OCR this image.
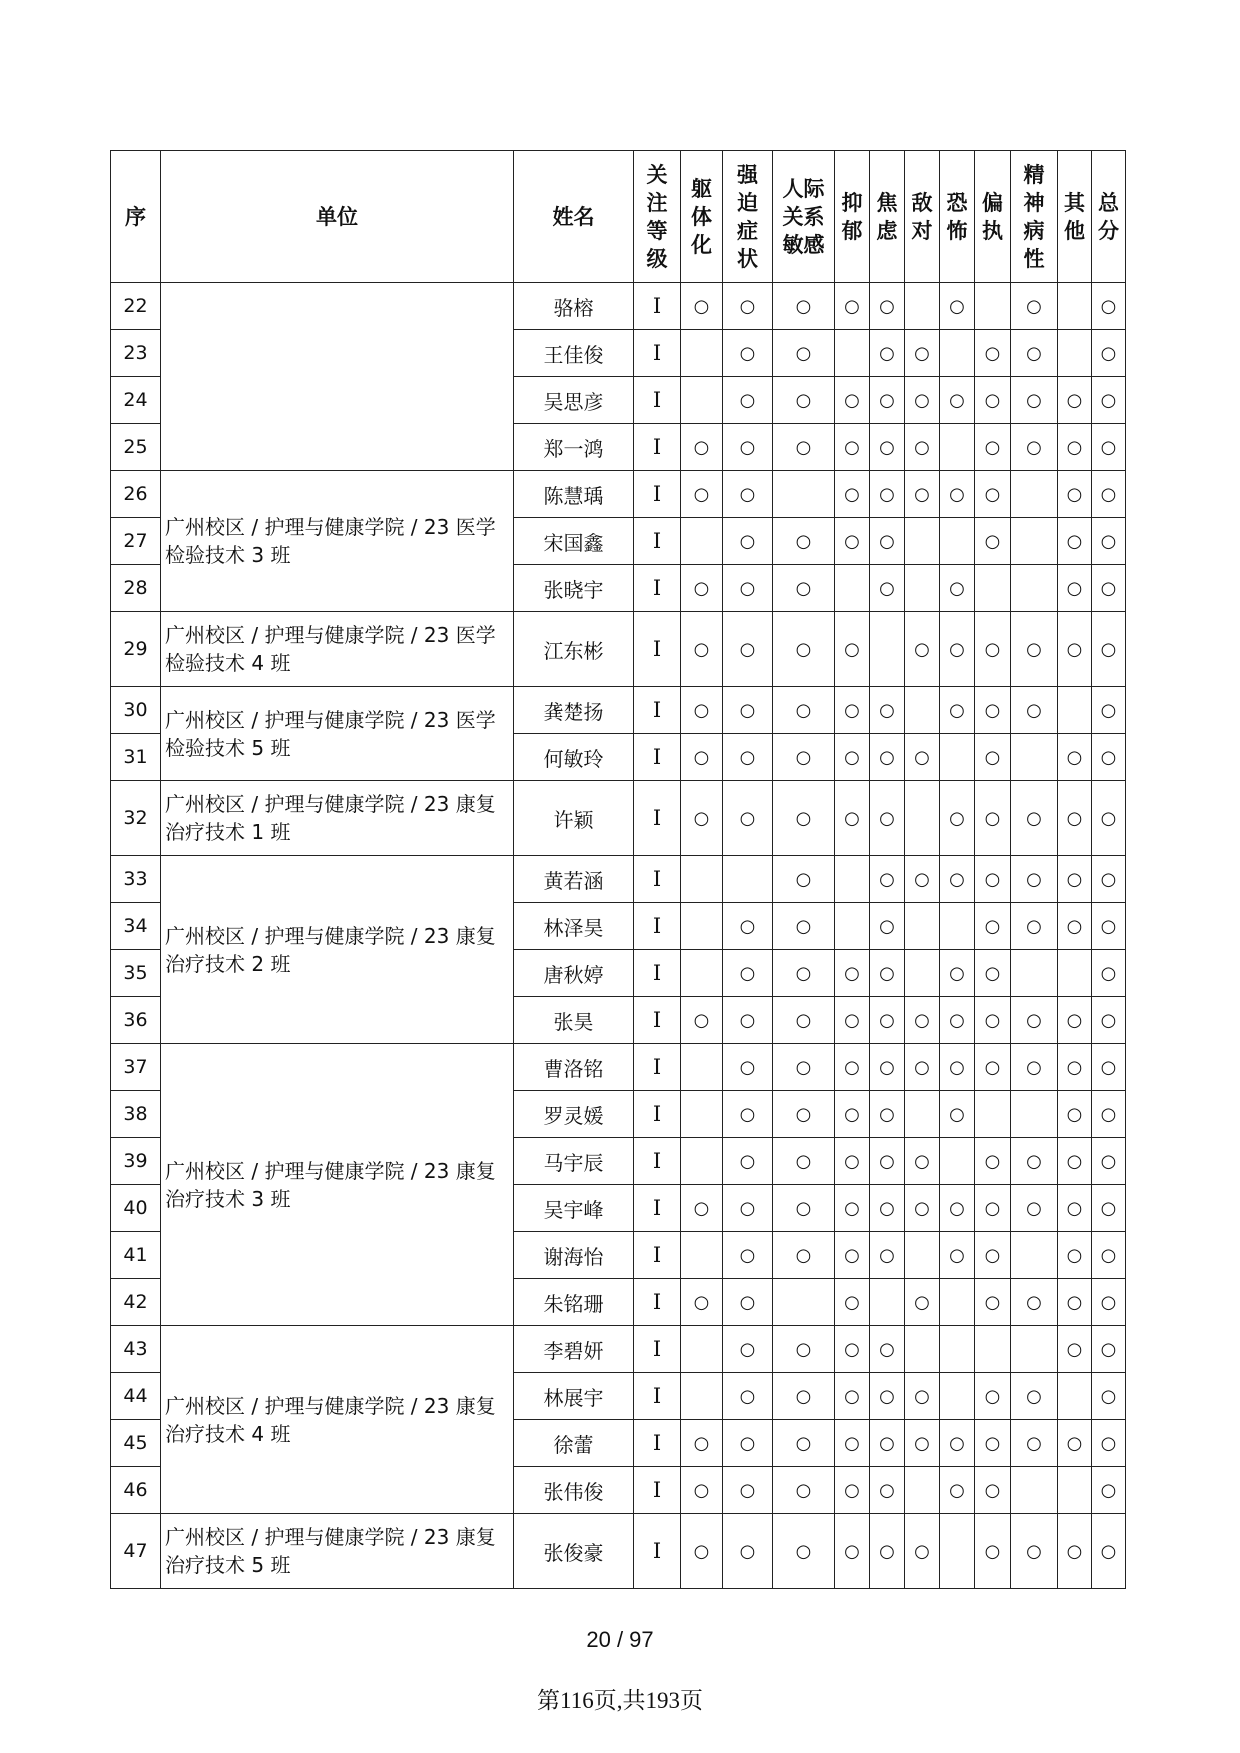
序	单位	姓名	关注等级	躯体化	强迫症状	人际关系敏感	抑郁	焦虑	敌对	恐怖	偏执	精神病性	其他	总分
22		骆榕	I	○	○	○	○	○		○		○		○
23		王佳俊	I		○	○		○	○		○	○		○
24		吴思彦	I		○	○	○	○	○	○	○	○	○	○
25		郑一鸿	I	○	○	○	○	○	○		○	○	○	○
26	广州校区 / 护理与健康学院 / 23 医学检验技术 3 班	陈慧瑀	I	○	○		○	○	○	○	○		○	○
27		宋国鑫	I		○	○	○	○			○		○	○
28		张晓宇	I	○	○	○		○		○			○	○
29	广州校区 / 护理与健康学院 / 23 医学检验技术 4 班	江东彬	I	○	○	○	○		○	○	○	○	○	○
30	广州校区 / 护理与健康学院 / 23 医学检验技术 5 班	龚楚扬	I	○	○	○	○	○		○	○	○		○
31		何敏玲	I	○	○	○	○	○	○		○		○	○
32	广州校区 / 护理与健康学院 / 23 康复治疗技术 1 班	许颖	I	○	○	○	○	○		○	○	○	○	○
33	广州校区 / 护理与健康学院 / 23 康复治疗技术 2 班	黄若涵	I			○		○	○	○	○	○	○	○
34		林泽昊	I		○	○		○			○	○	○	○
35		唐秋婷	I		○	○	○	○		○	○			○
36		张昊	I	○	○	○	○	○	○	○	○	○	○	○
37	广州校区 / 护理与健康学院 / 23 康复治疗技术 3 班	曹洛铭	I		○	○	○	○	○	○	○	○	○	○
38		罗灵媛	I		○	○	○	○		○			○	○
39		马宇辰	I		○	○	○	○	○		○	○	○	○
40		吴宇峰	I	○	○	○	○	○	○	○	○	○	○	○
41		谢海怡	I		○	○	○	○		○	○		○	○
42		朱铭珊	I	○	○		○		○		○	○	○	○
43	广州校区 / 护理与健康学院 / 23 康复治疗技术 4 班	李碧妍	I		○	○	○	○					○	○
44		林展宇	I		○	○	○	○	○		○	○		○
45		徐蕾	I	○	○	○	○	○	○	○	○	○	○	○
46		张伟俊	I	○	○	○	○	○		○	○			○
47	广州校区 / 护理与健康学院 / 23 康复治疗技术 5 班	张俊豪	I	○	○	○	○	○	○		○	○	○	○
20 / 97
第116页,共193页
